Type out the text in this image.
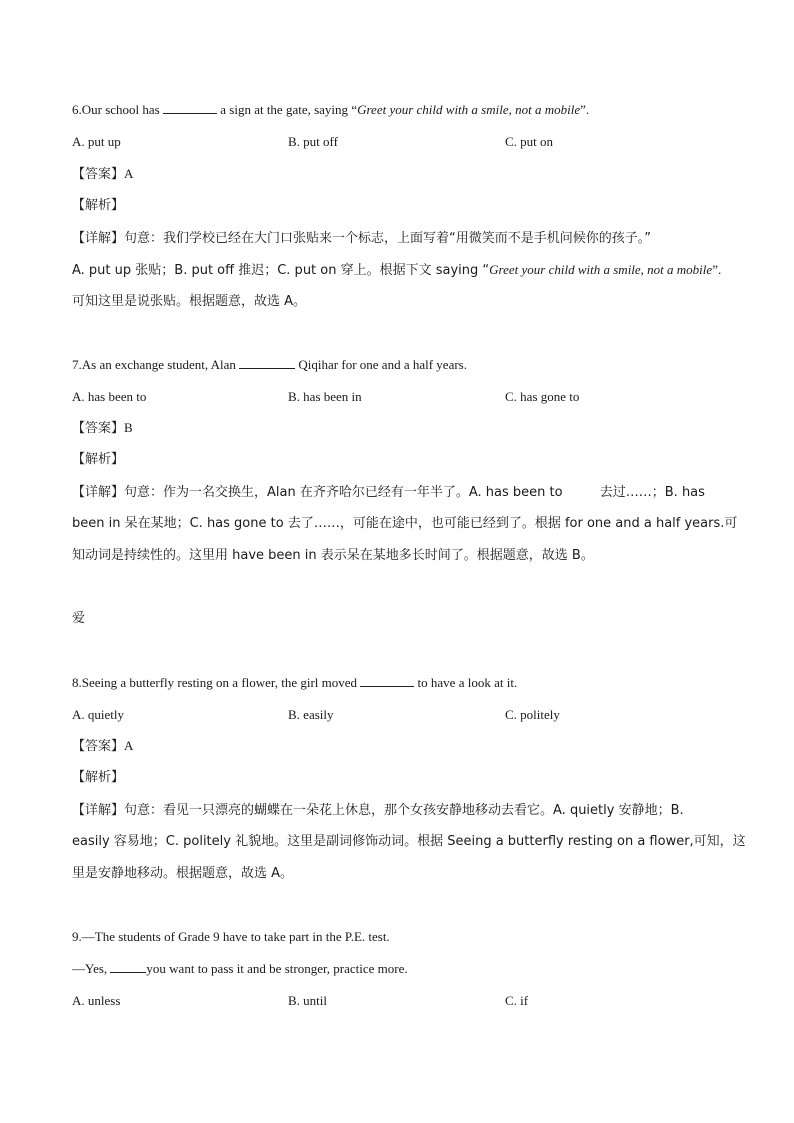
6.Our school has	a sign at the gate, saying “Greet your child with a smile, not a mobile”.
A. put up	B. put off	C. put on
【答案】A
【解析】
【详解】句意：我们学校已经在大门口张贴来一个标志，上面写着“用微笑而不是手机问候你的孩子。”
A. put up 张贴；B. put off 推迟；C. put on 穿上。根据下文 saying “Greet your child with a smile, not a mobile”.
可知这里是说张贴。根据题意，故选 A。
7.As an exchange student, Alan	Qiqihar for one and a half years.
A. has been to	B. has been in	C. has gone to
【答案】B
【解析】
【详解】句意：作为一名交换生，Alan 在齐齐哈尔已经有一年半了。A. has been to         去过……；B. has
been in 呆在某地；C. has gone to 去了……，可能在途中，也可能已经到了。根据 for one and a half years.可
知动词是持续性的。这里用 have been in 表示呆在某地多长时间了。根据题意，故选 B。
爱
8.Seeing a butterfly resting on a flower, the girl moved	to have a look at it.
A. quietly	B. easily	C. politely
【答案】A
【解析】
【详解】句意：看见一只漂亮的蝴蝶在一朵花上休息，那个女孩安静地移动去看它。A. quietly 安静地；B.
easily 容易地；C. politely 礼貌地。这里是副词修饰动词。根据 Seeing a butterfly resting on a flower,可知，这
里是安静地移动。根据题意，故选 A。
9.—The students of Grade 9 have to take part in the P.E. test.
—Yes,	you want to pass it and be stronger, practice more.
A. unless	B. until	C. if
